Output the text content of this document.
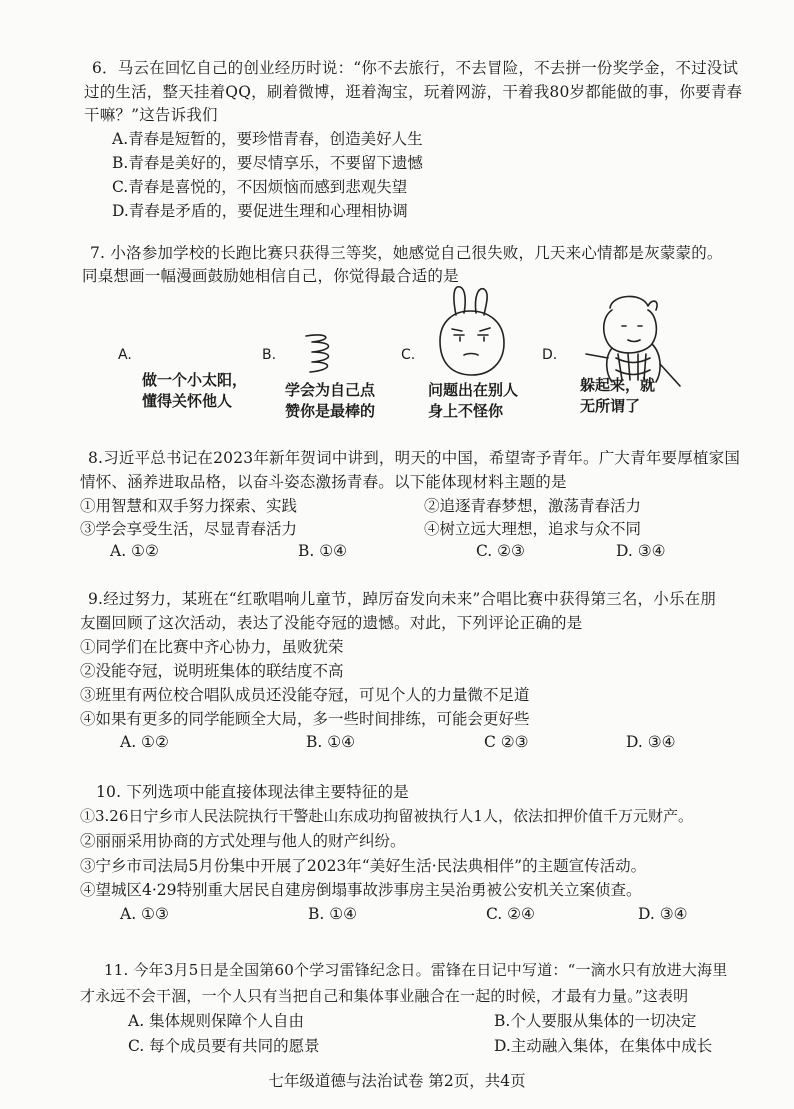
6．马云在回忆自己的创业经历时说：“你不去旅行，不去冒险，不去拼一份奖学金，不过没试
过的生活，整天挂着QQ，刷着微博，逛着淘宝，玩着网游，干着我80岁都能做的事，你要青春
干嘛？”这告诉我们
A.青春是短暂的，要珍惜青春，创造美好人生
B.青春是美好的，要尽情享乐，不要留下遗憾
C.青春是喜悦的，不因烦恼而感到悲观失望
D.青春是矛盾的，要促进生理和心理相协调
7. 小洛参加学校的长跑比赛只获得三等奖，她感觉自己很失败，几天来心情都是灰蒙蒙的。
同桌想画一幅漫画鼓励她相信自己，你觉得最合适的是
A.	B.	C.	D.
做一个小太阳，
懂得关怀他人
学会为自己点
赞你是最棒的
问题出在别人
身上不怪你
躲起来，就
无所谓了
8.习近平总书记在2023年新年贺词中讲到，明天的中国，希望寄予青年。广大青年要厚植家国
情怀、涵养进取品格，以奋斗姿态激扬青春。以下能体现材料主题的是
①用智慧和双手努力探索、实践	②追逐青春梦想，激荡青春活力
③学会享受生活，尽显青春活力	④树立远大理想，追求与众不同
A. ①②	B. ①④	C. ②③	D. ③④
9.经过努力，某班在“红歌唱响儿童节，踔厉奋发向未来”合唱比赛中获得第三名，小乐在朋
友圈回顾了这次活动，表达了没能夺冠的遗憾。对此，下列评论正确的是
①同学们在比赛中齐心协力，虽败犹荣
②没能夺冠，说明班集体的联结度不高
③班里有两位校合唱队成员还没能夺冠，可见个人的力量微不足道
④如果有更多的同学能顾全大局，多一些时间排练，可能会更好些
A. ①②	B. ①④	C ②③	D. ③④
10. 下列选项中能直接体现法律主要特征的是
①3.26日宁乡市人民法院执行干警赴山东成功拘留被执行人1人，依法扣押价值千万元财产。
②丽丽采用协商的方式处理与他人的财产纠纷。
③宁乡市司法局5月份集中开展了2023年“美好生活·民法典相伴”的主题宣传活动。
④望城区4·29特别重大居民自建房倒塌事故涉事房主吴治勇被公安机关立案侦查。
A. ①③	B. ①④	C. ②④	D. ③④
11. 今年3月5日是全国第60个学习雷锋纪念日。雷锋在日记中写道：“一滴水只有放进大海里
才永远不会干涸，一个人只有当把自己和集体事业融合在一起的时候，才最有力量。”这表明
A. 集体规则保障个人自由	B.个人要服从集体的一切决定
C. 每个成员要有共同的愿景	D.主动融入集体，在集体中成长
七年级道德与法治试卷 第2页，共4页
